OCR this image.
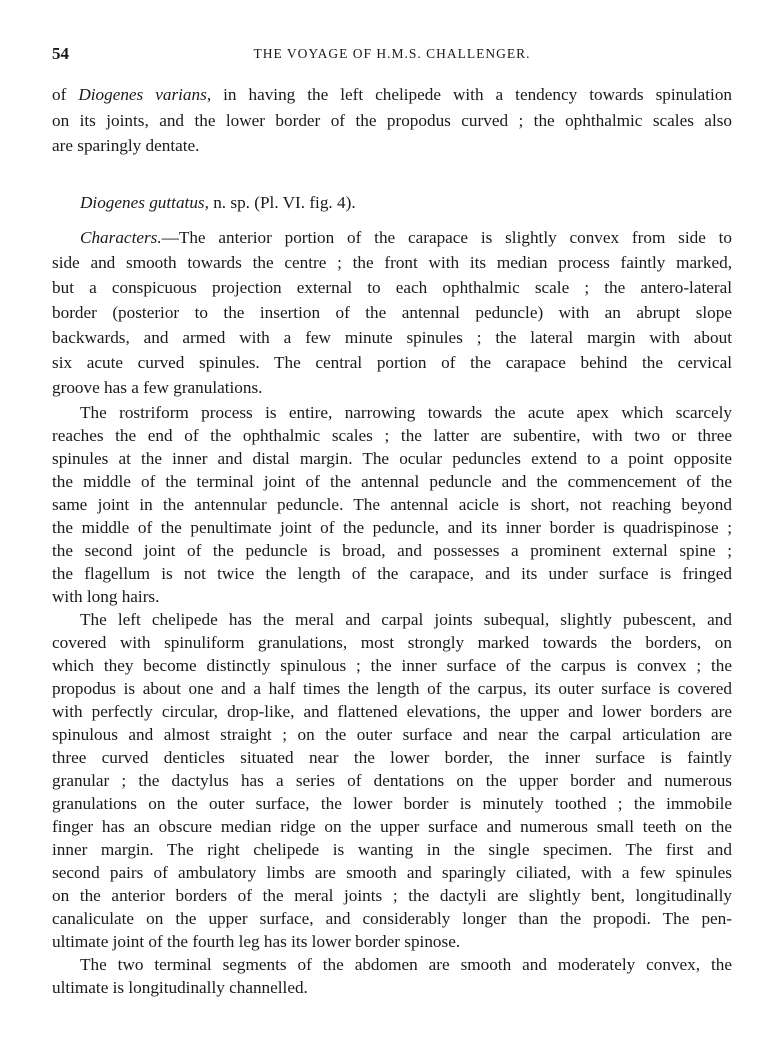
54	THE VOYAGE OF H.M.S. CHALLENGER.
of Diogenes varians, in having the left chelipede with a tendency towards spinulation
on its joints, and the lower border of the propodus curved ; the ophthalmic scales also
are sparingly dentate.
Diogenes guttatus, n. sp. (Pl. VI. fig. 4).
Characters.—The anterior portion of the carapace is slightly convex from side to
side and smooth towards the centre ; the front with its median process faintly marked,
but a conspicuous projection external to each ophthalmic scale ; the antero-lateral
border (posterior to the insertion of the antennal peduncle) with an abrupt slope
backwards, and armed with a few minute spinules ; the lateral margin with about
six acute curved spinules. The central portion of the carapace behind the cervical
groove has a few granulations.
The rostriform process is entire, narrowing towards the acute apex which scarcely
reaches the end of the ophthalmic scales ; the latter are subentire, with two or three
spinules at the inner and distal margin. The ocular peduncles extend to a point opposite
the middle of the terminal joint of the antennal peduncle and the commencement of the
same joint in the antennular peduncle. The antennal acicle is short, not reaching beyond
the middle of the penultimate joint of the peduncle, and its inner border is quadrispinose ;
the second joint of the peduncle is broad, and possesses a prominent external spine ;
the flagellum is not twice the length of the carapace, and its under surface is fringed
with long hairs.
The left chelipede has the meral and carpal joints subequal, slightly pubescent, and
covered with spinuliform granulations, most strongly marked towards the borders, on
which they become distinctly spinulous ; the inner surface of the carpus is convex ; the
propodus is about one and a half times the length of the carpus, its outer surface is covered
with perfectly circular, drop-like, and flattened elevations, the upper and lower borders are
spinulous and almost straight ; on the outer surface and near the carpal articulation are
three curved denticles situated near the lower border, the inner surface is faintly
granular ; the dactylus has a series of dentations on the upper border and numerous
granulations on the outer surface, the lower border is minutely toothed ; the immobile
finger has an obscure median ridge on the upper surface and numerous small teeth on the
inner margin. The right chelipede is wanting in the single specimen. The first and
second pairs of ambulatory limbs are smooth and sparingly ciliated, with a few spinules
on the anterior borders of the meral joints ; the dactyli are slightly bent, longitudinally
canaliculate on the upper surface, and considerably longer than the propodi. The pen-
ultimate joint of the fourth leg has its lower border spinose.
The two terminal segments of the abdomen are smooth and moderately convex, the
ultimate is longitudinally channelled.
